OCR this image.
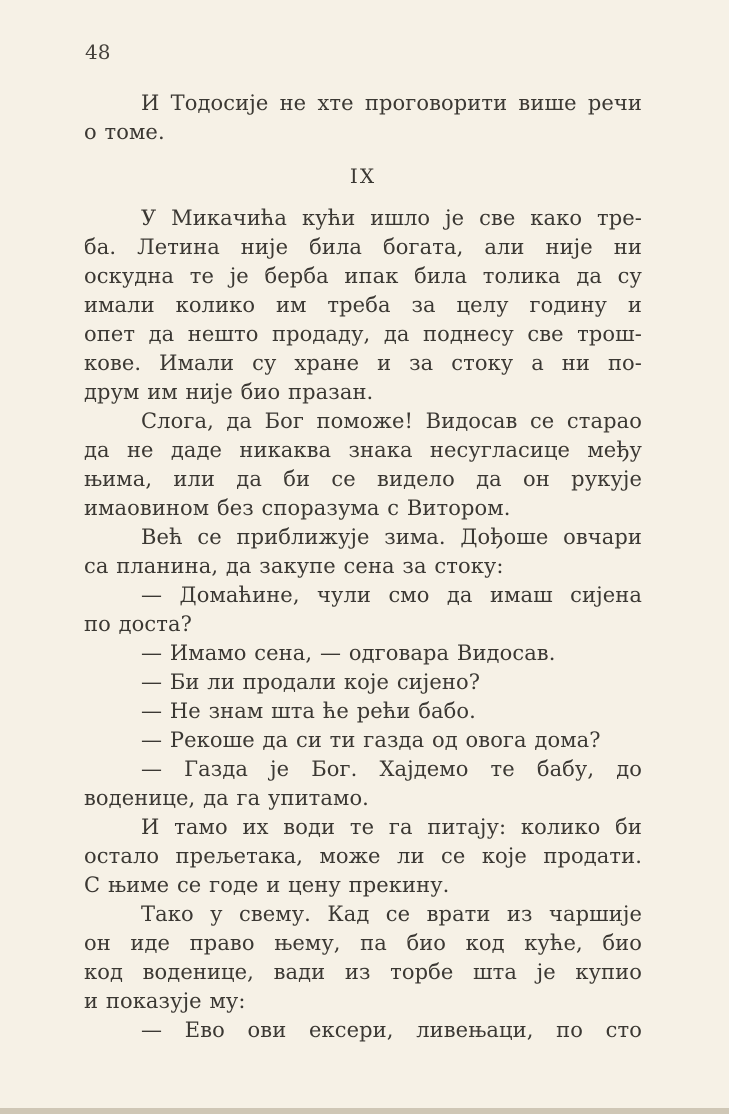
48
И Тодосије не хте проговорити више речи
о томе.
IX
У Микачића кући ишло је све како тре-
ба. Летина није била богата, али није ни
оскудна те је берба ипак била толика да су
имали колико им треба за целу годину и
опет да нешто продаду, да поднесу све трош-
кове. Имали су хране и за стоку а ни по-
друм им није био празан.
Слога, да Бог поможе! Видосав се старао
да не даде никаква знака несугласице међу
њима, или да би се видело да он рукује
имаовином без споразума с Витором.
Већ се приближује зима. Дођоше овчари
са планина, да закупе сена за стоку:
— Домаћине, чули смо да имаш сијена
по доста?
— Имамо сена, — одговара Видосав.
— Би ли продали које сијено?
— Не знам шта ће рећи бабо.
— Рекоше да си ти газда од овога дома?
— Газда је Бог. Хајдемо те бабу, до
воденице, да га упитамо.
И тамо их води те га питају: колико би
остало прељетака, може ли се које продати.
С њиме се годе и цену прекину.
Тако у свему. Кад се врати из чаршије
он иде право њему, па био код куће, био
код воденице, вади из торбе шта је купио
и показује му:
— Ево ови ексери, ливењаци, по сто
